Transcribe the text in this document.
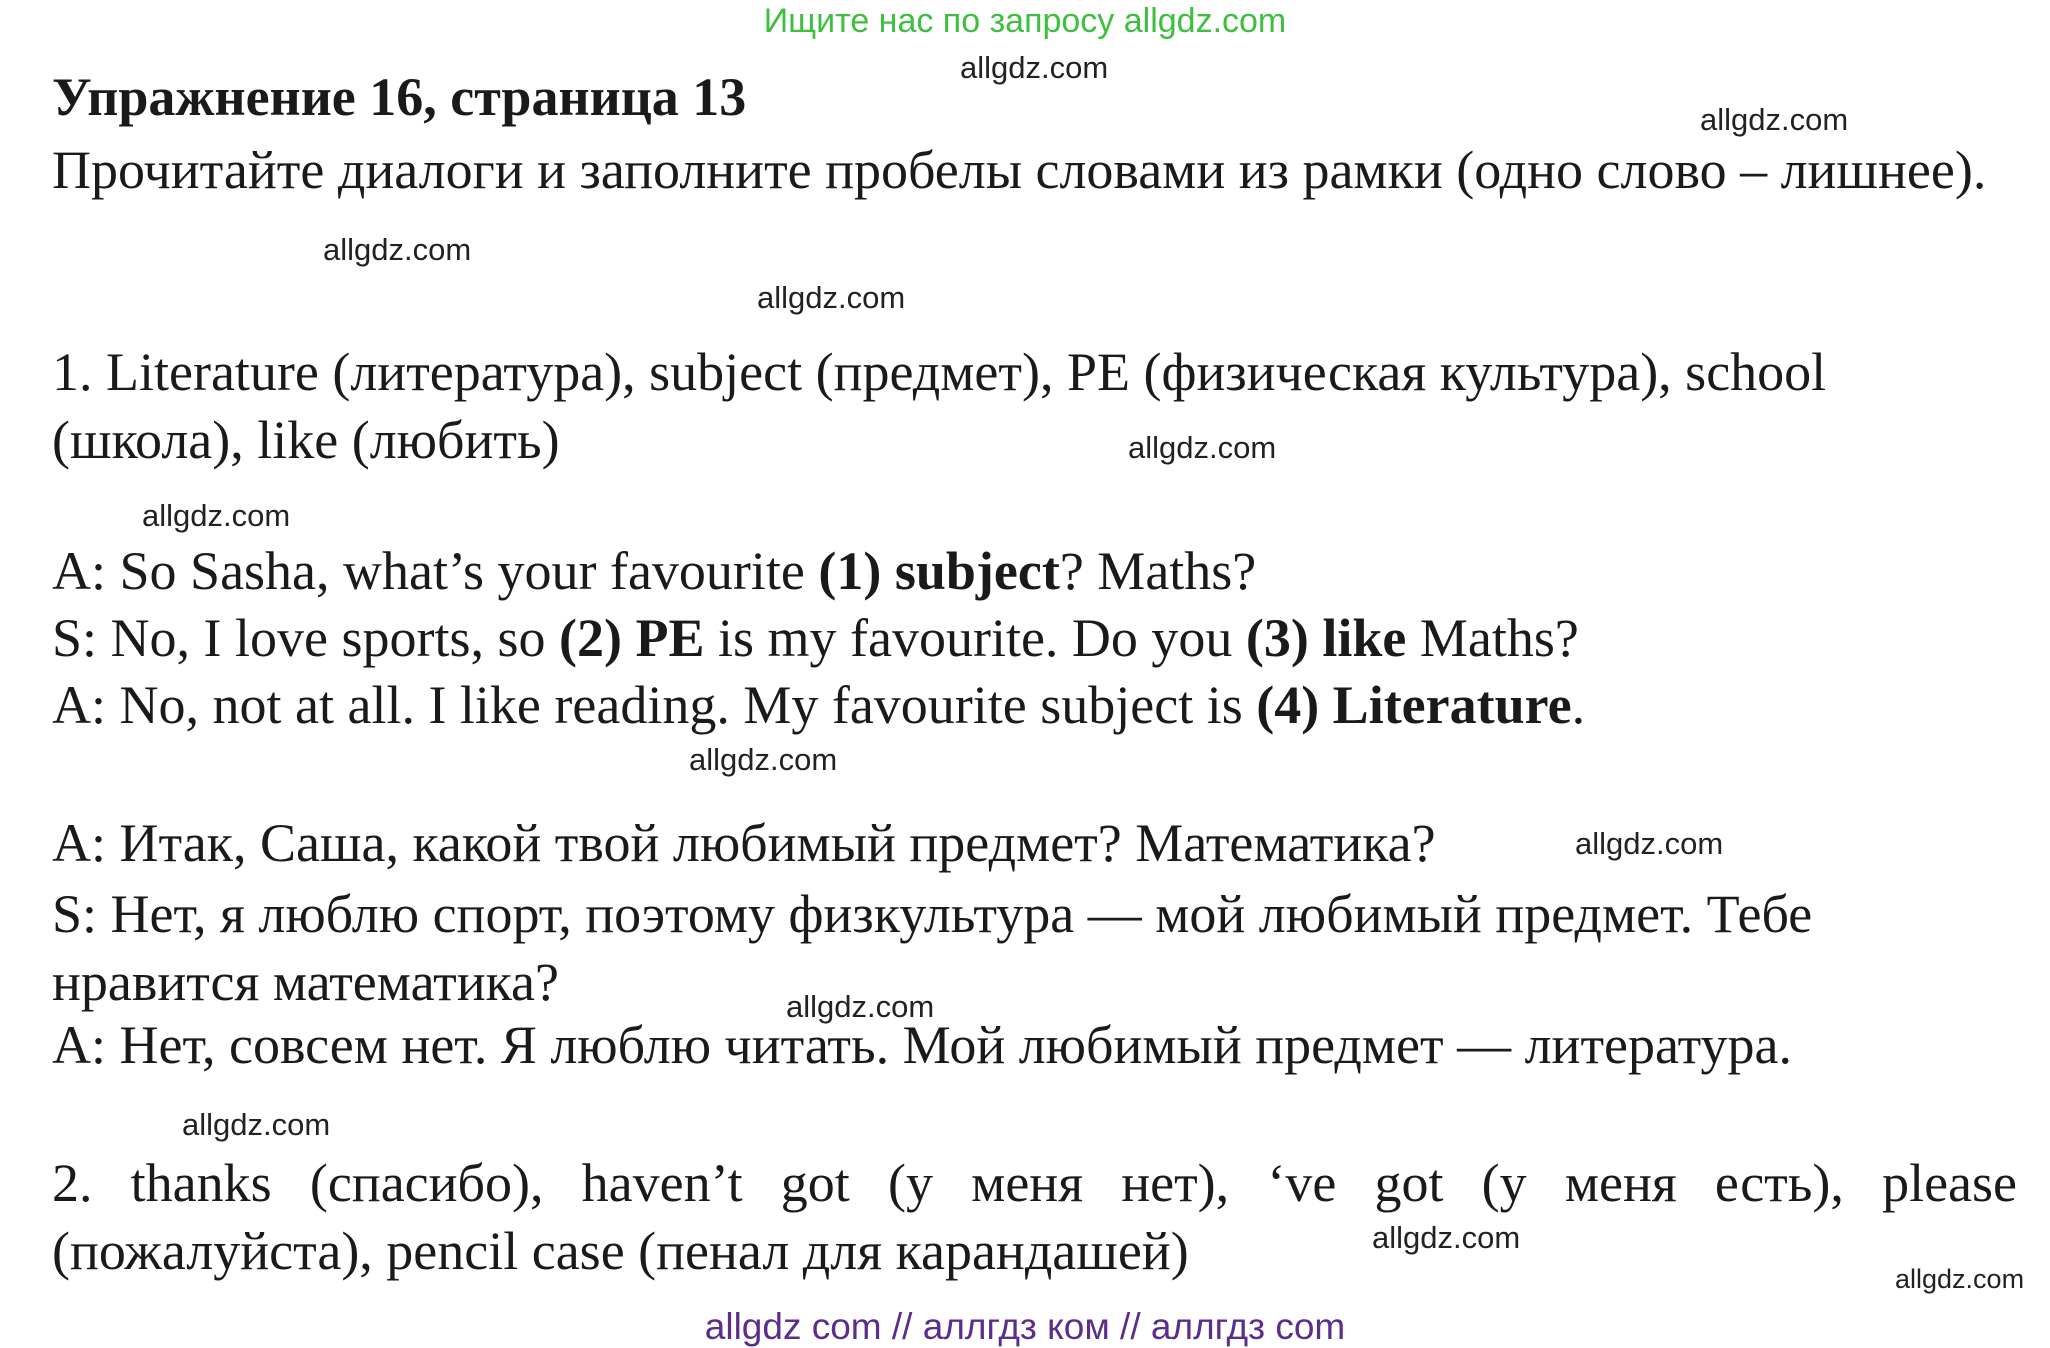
Ищите нас по запросу allgdz.com
Упражнение 16, страница 13
Прочитайте диалоги и заполните пробелы словами из рамки (одно слово – лишнее).
1. Literature (литература), subject (предмет), PE (физическая культура), school (школа), like (любить)
A: So Sasha, what’s your favourite (1) subject? Maths?
S: No, I love sports, so (2) PE is my favourite. Do you (3) like Maths?
A: No, not at all. I like reading. My favourite subject is (4) Literature.
A: Итак, Саша, какой твой любимый предмет? Математика?
S: Нет, я люблю спорт, поэтому физкультура — мой любимый предмет. Тебе нравится математика?
A: Нет, совсем нет. Я люблю читать. Мой любимый предмет — литература.
2. thanks (спасибо), haven’t got (у меня нет), ‘ve got (у меня есть), please (пожалуйста), pencil case (пенал для карандашей)
allgdz.com
allgdz.com
allgdz.com
allgdz.com
allgdz.com
allgdz.com
allgdz.com
allgdz.com
allgdz.com
allgdz.com
allgdz.com
allgdz.com
allgdz com // аллгдз ком // аллгдз com
